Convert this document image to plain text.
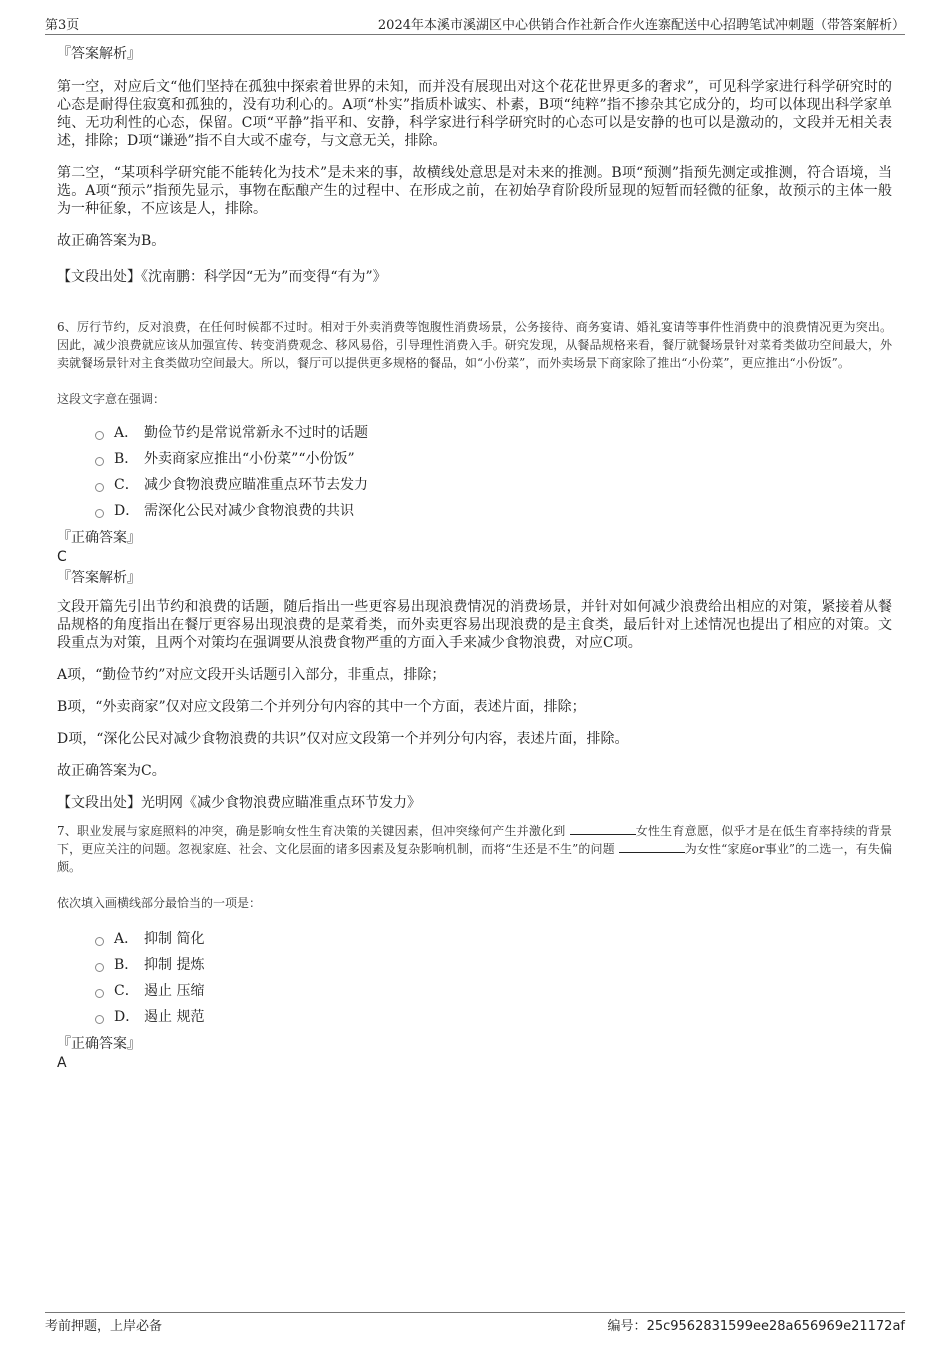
第3页	2024年本溪市溪湖区中心供销合作社新合作火连寨配送中心招聘笔试冲刺题（带答案解析）

『答案解析』

第一空，对应后文“他们坚持在孤独中探索着世界的未知，而并没有展现出对这个花花世界更多的奢求”，可见科学家进行科学研究时的心态是耐得住寂寞和孤独的，没有功利心的。A项“朴实”指质朴诚实、朴素，B项“纯粹”指不掺杂其它成分的，均可以体现出科学家单纯、无功利性的心态，保留。C项“平静”指平和、安静，科学家进行科学研究时的心态可以是安静的也可以是激动的，文段并无相关表述，排除；D项“谦逊”指不自大或不虚夸，与文意无关，排除。

第二空，“某项科学研究能不能转化为技术”是未来的事，故横线处意思是对未来的推测。B项“预测”指预先测定或推测，符合语境，当选。A项“预示”指预先显示，事物在酝酿产生的过程中、在形成之前，在初始孕育阶段所显现的短暂而轻微的征象，故预示的主体一般为一种征象，不应该是人，排除。

故正确答案为B。

【文段出处】《沈南鹏：科学因“无为”而变得“有为”》

6、厉行节约，反对浪费，在任何时候都不过时。相对于外卖消费等饱腹性消费场景，公务接待、商务宴请、婚礼宴请等事件性消费中的浪费情况更为突出。因此，减少浪费就应该从加强宣传、转变消费观念、移风易俗，引导理性消费入手。研究发现，从餐品规格来看，餐厅就餐场景针对菜肴类做功空间最大，外卖就餐场景针对主食类做功空间最大。所以，餐厅可以提供更多规格的餐品，如“小份菜”，而外卖场景下商家除了推出“小份菜”，更应推出“小份饭”。

这段文字意在强调：

A． 勤俭节约是常说常新永不过时的话题
B． 外卖商家应推出“小份菜”“小份饭”
C． 减少食物浪费应瞄准重点环节去发力
D． 需深化公民对减少食物浪费的共识

『正确答案』

C

『答案解析』

文段开篇先引出节约和浪费的话题，随后指出一些更容易出现浪费情况的消费场景，并针对如何减少浪费给出相应的对策，紧接着从餐品规格的角度指出在餐厅更容易出现浪费的是菜肴类，而外卖更容易出现浪费的是主食类，最后针对上述情况也提出了相应的对策。文段重点为对策，且两个对策均在强调要从浪费食物严重的方面入手来减少食物浪费，对应C项。

A项，“勤俭节约”对应文段开头话题引入部分，非重点，排除；

B项，“外卖商家”仅对应文段第二个并列分句内容的其中一个方面，表述片面，排除；

D项，“深化公民对减少食物浪费的共识”仅对应文段第一个并列分句内容，表述片面，排除。

故正确答案为C。

【文段出处】光明网《减少食物浪费应瞄准重点环节发力》

7、职业发展与家庭照料的冲突，确是影响女性生育决策的关键因素，但冲突缘何产生并激化到	女性生育意愿，似乎才是在低生育率持续的背景下，更应关注的问题。忽视家庭、社会、文化层面的诸多因素及复杂影响机制，而将“生还是不生”的问题	为女性“家庭or事业”的二选一，有失偏颇。

依次填入画横线部分最恰当的一项是：

A． 抑制 简化
B． 抑制 提炼
C． 遏止 压缩
D． 遏止 规范

『正确答案』

A

考前押题，上岸必备	编号：25c9562831599ee28a656969e21172af
